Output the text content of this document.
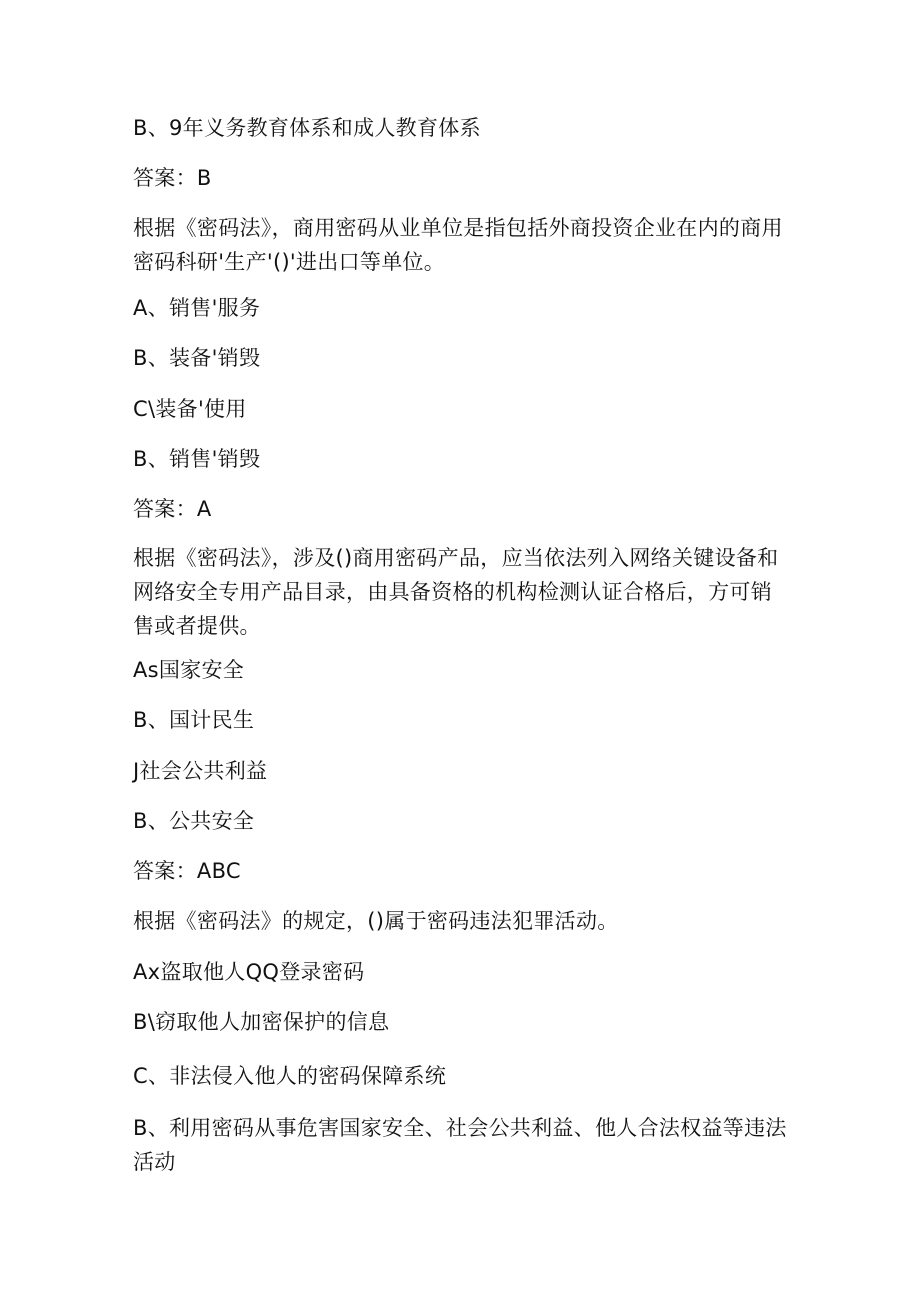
B、9年义务教育体系和成人教育体系
答案：B
根据《密码法》，商用密码从业单位是指包括外商投资企业在内的商用密码科研'生产'()'进出口等单位。
A、销售'服务
B、装备'销毁
C\装备'使用
B、销售'销毁
答案：A
根据《密码法》，涉及()商用密码产品，应当依法列入网络关键设备和网络安全专用产品目录，由具备资格的机构检测认证合格后，方可销售或者提供。
As国家安全
B、国计民生
J社会公共利益
B、公共安全
答案：ABC
根据《密码法》的规定，()属于密码违法犯罪活动。
Ax盗取他人QQ登录密码
B\窃取他人加密保护的信息
C、非法侵入他人的密码保障系统
B、利用密码从事危害国家安全、社会公共利益、他人合法权益等违法活动
